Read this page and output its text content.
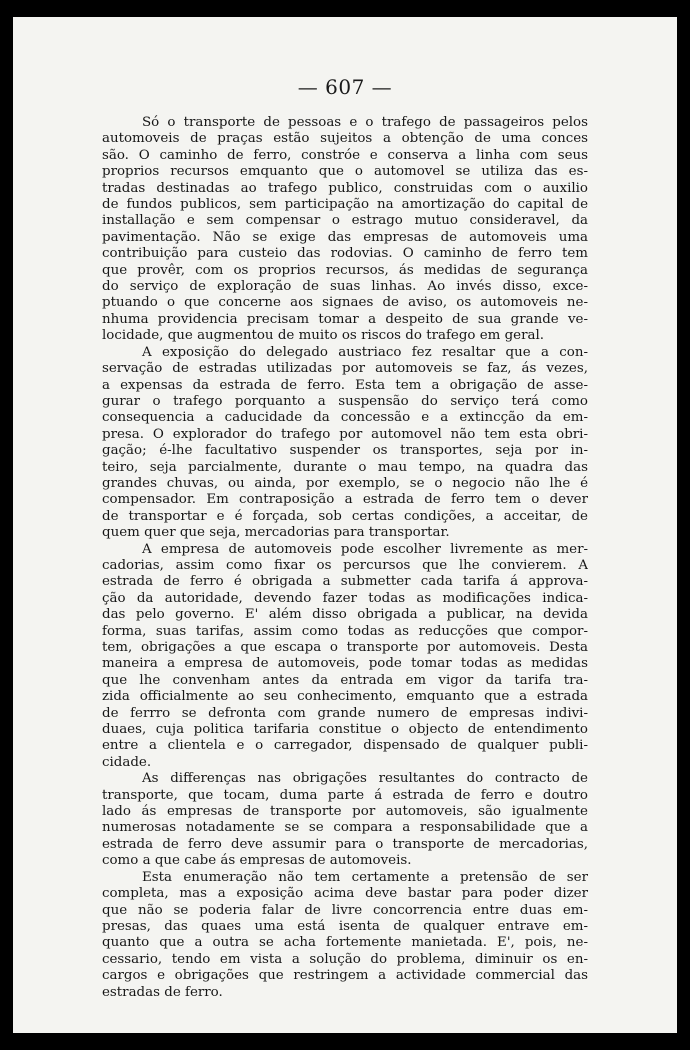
— 607 —

Só o transporte de pessoas e o trafego de passageiros pelos
automoveis de praças estão sujeitos a obtenção de uma conces
são. O caminho de ferro, constróe e conserva a linha com seus
proprios recursos emquanto que o automovel se utiliza das es-
tradas destinadas ao trafego publico, construidas com o auxilio
de fundos publicos, sem participação na amortização do capital de
installação e sem compensar o estrago mutuo consideravel, da
pavimentação. Não se exige das empresas de automoveis uma
contribuição para custeio das rodovias. O caminho de ferro tem
que provêr, com os proprios recursos, ás medidas de segurança
do serviço de exploração de suas linhas. Ao invés disso, exce-
ptuando o que concerne aos signaes de aviso, os automoveis ne-
nhuma providencia precisam tomar a despeito de sua grande ve-
locidade, que augmentou de muito os riscos do trafego em geral.

A exposição do delegado austriaco fez resaltar que a con-
servação de estradas utilizadas por automoveis se faz, ás vezes,
a expensas da estrada de ferro. Esta tem a obrigação de asse-
gurar o trafego porquanto a suspensão do serviço terá como
consequencia a caducidade da concessão e a extincção da em-
presa. O explorador do trafego por automovel não tem esta obri-
gação; é-lhe facultativo suspender os transportes, seja por in-
teiro, seja parcialmente, durante o mau tempo, na quadra das
grandes chuvas, ou ainda, por exemplo, se o negocio não lhe é
compensador. Em contraposição a estrada de ferro tem o dever
de transportar e é forçada, sob certas condições, a acceitar, de
quem quer que seja, mercadorias para transportar.

A empresa de automoveis pode escolher livremente as mer-
cadorias, assim como fixar os percursos que lhe convierem. A
estrada de ferro é obrigada a submetter cada tarifa á approva-
ção da autoridade, devendo fazer todas as modificações indica-
das pelo governo. E' além disso obrigada a publicar, na devida
forma, suas tarifas, assim como todas as reducções que compor-
tem, obrigações a que escapa o transporte por automoveis. Desta
maneira a empresa de automoveis, pode tomar todas as medidas
que lhe convenham antes da entrada em vigor da tarifa tra-
zida officialmente ao seu conhecimento, emquanto que a estrada
de ferrro se defronta com grande numero de empresas indivi-
duaes, cuja politica tarifaria constitue o objecto de entendimento
entre a clientela e o carregador, dispensado de qualquer publi-
cidade.

As differenças nas obrigações resultantes do contracto de
transporte, que tocam, duma parte á estrada de ferro e doutro
lado ás empresas de transporte por automoveis, são igualmente
numerosas notadamente se se compara a responsabilidade que a
estrada de ferro deve assumir para o transporte de mercadorias,
como a que cabe ás empresas de automoveis.

Esta enumeração não tem certamente a pretensão de ser
completa, mas a exposição acima deve bastar para poder dizer
que não se poderia falar de livre concorrencia entre duas em-
presas, das quaes uma está isenta de qualquer entrave em-
quanto que a outra se acha fortemente manietada. E', pois, ne-
cessario, tendo em vista a solução do problema, diminuir os en-
cargos e obrigações que restringem a actividade commercial das
estradas de ferro.
